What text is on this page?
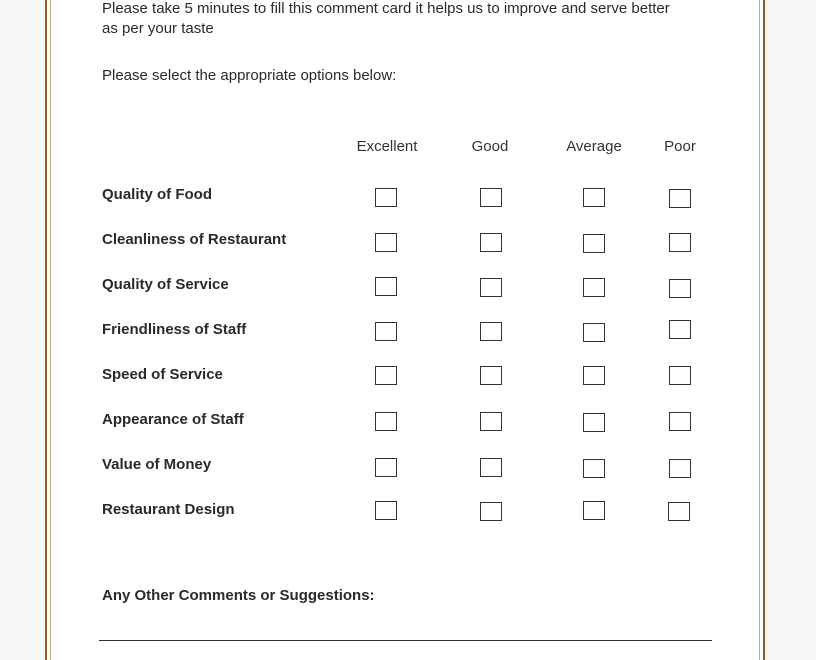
Please take 5 minutes to fill this comment card it helps us to improve and serve better
as per your taste
Please select the appropriate options below:
Excellent	Good	Average	Poor
Quality of Food
Cleanliness of Restaurant
Quality of Service
Friendliness of Staff
Speed of Service
Appearance of Staff
Value of Money
Restaurant Design
Any Other Comments or Suggestions:
